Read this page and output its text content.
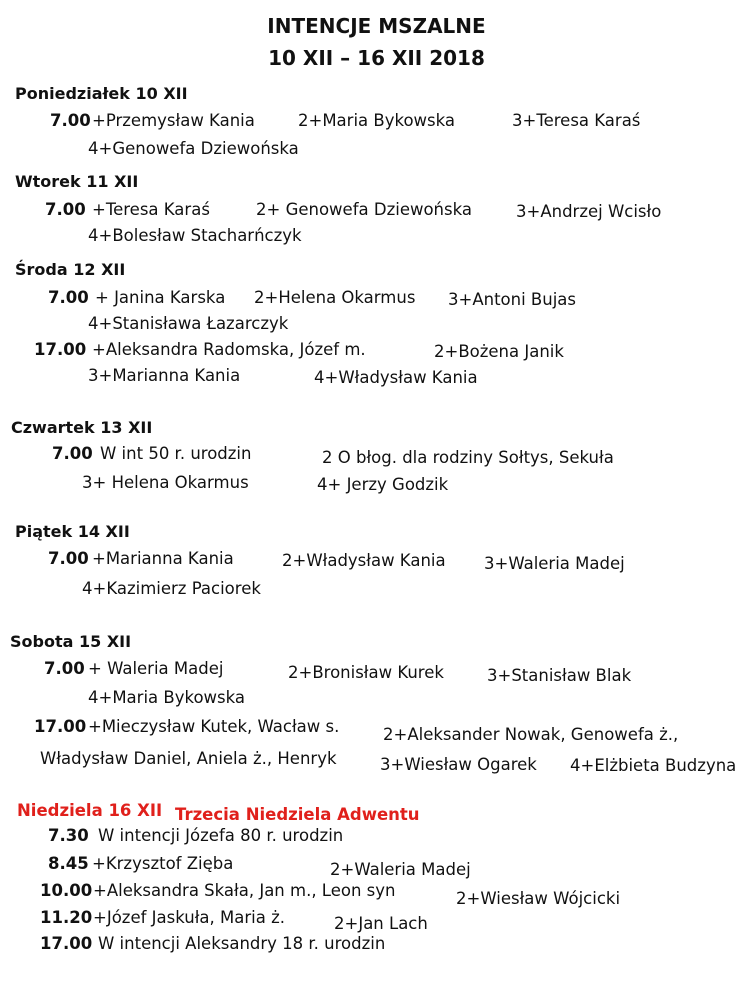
INTENCJE MSZALNE
10 XII – 16 XII 2018
Poniedziałek 10 XII
7.00 +Przemysław Kania	2+Maria Bykowska	3+Teresa Karaś
4+Genowefa Dziewońska
Wtorek 11 XII
7.00 +Teresa Karaś	2+ Genowefa Dziewońska	3+Andrzej Wcisło
4+Bolesław Stacharńczyk
Środa 12 XII
7.00 + Janina Karska 2+Helena Okarmus 3+Antoni Bujas
4+Stanisława Łazarczyk
17.00 +Aleksandra Radomska, Józef m.	2+Bożena Janik
3+Marianna Kania	4+Władysław Kania
Czwartek 13 XII
7.00 W int 50 r. urodzin	2 O błog. dla rodziny Sołtys, Sekuła
3+ Helena Okarmus	4+ Jerzy Godzik
Piątek 14 XII
7.00 +Marianna Kania	2+Władysław Kania 3+Waleria Madej
4+Kazimierz Paciorek
Sobota 15 XII
7.00 + Waleria Madej	2+Bronisław Kurek	3+Stanisław Blak
4+Maria Bykowska
17.00 +Mieczysław Kutek, Wacław s.	2+Aleksander Nowak, Genowefa ż.,
Władysław Daniel, Aniela ż., Henryk	3+Wiesław Ogarek 4+Elżbieta Budzyna
Niedziela 16 XII Trzecia Niedziela Adwentu
7.30 W intencji Józefa 80 r. urodzin
8.45 +Krzysztof Zięba	2+Waleria Madej
10.00 +Aleksandra Skała, Jan m., Leon syn	2+Wiesław Wójcicki
11.20 +Józef Jaskuła, Maria ż.	2+Jan Lach
17.00 W intencji Aleksandry 18 r. urodzin
